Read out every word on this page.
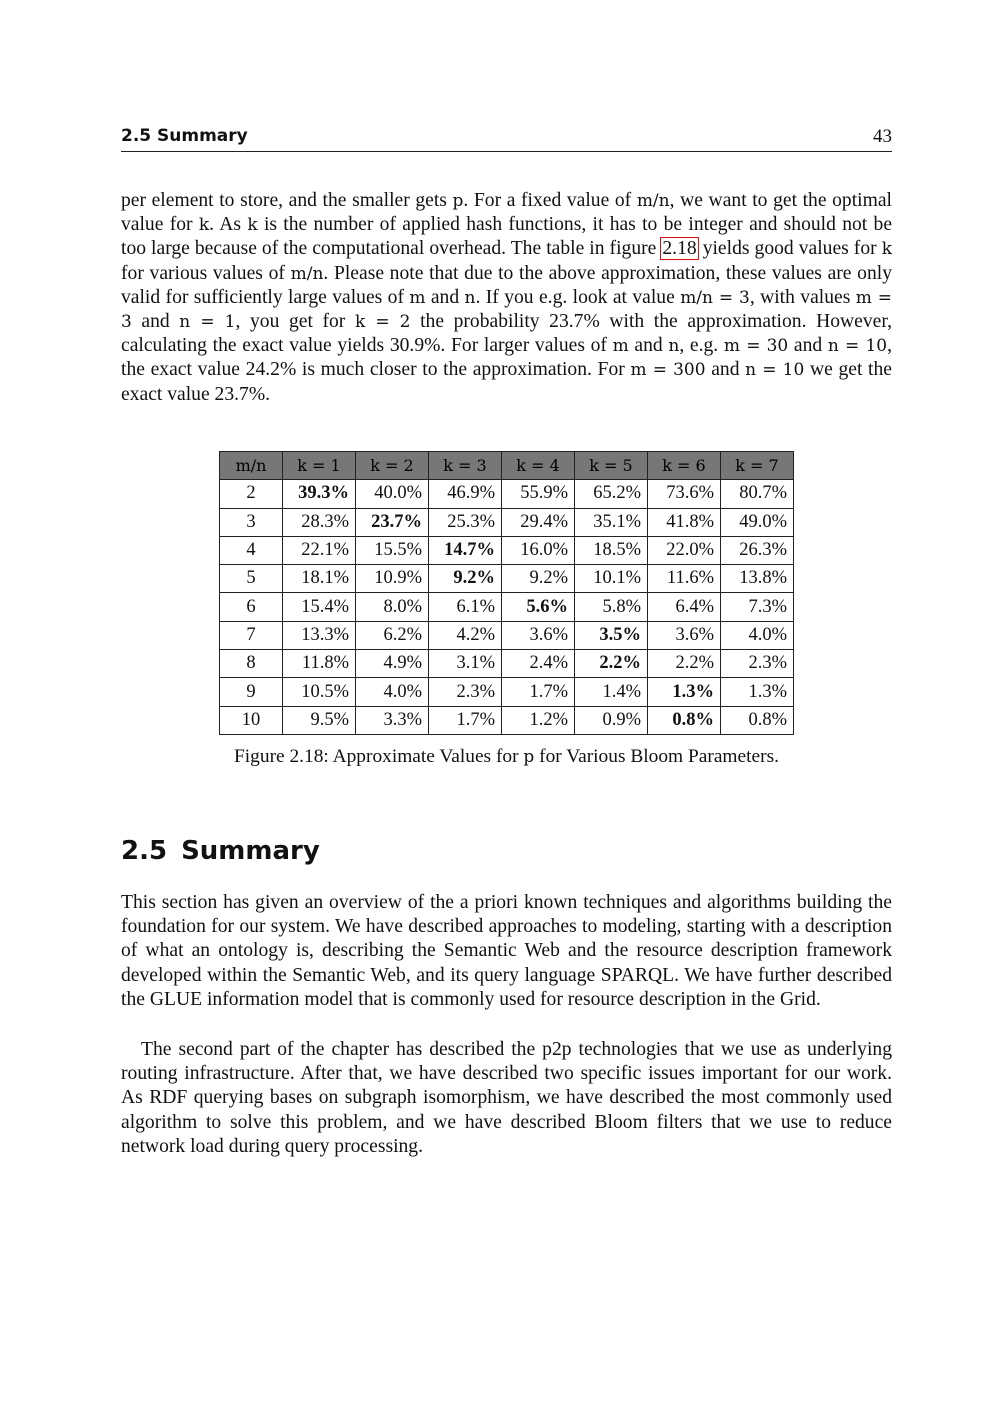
2.5 Summary	43

per element to store, and the smaller gets p. For a fixed value of m/n, we want to get the optimal value for k. As k is the number of applied hash functions, it has to be integer and should not be too large because of the computational overhead. The table in figure 2.18 yields good values for k for various values of m/n. Please note that due to the above approximation, these values are only valid for sufficiently large values of m and n. If you e.g. look at value m/n = 3, with values m = 3 and n = 1, you get for k = 2 the probability 23.7% with the approximation. However, calculating the exact value yields 30.9%. For larger values of m and n, e.g. m = 30 and n = 10, the exact value 24.2% is much closer to the approximation. For m = 300 and n = 10 we get the exact value 23.7%.

m/n	k = 1	k = 2	k = 3	k = 4	k = 5	k = 6	k = 7
2	39.3%	40.0%	46.9%	55.9%	65.2%	73.6%	80.7%
3	28.3%	23.7%	25.3%	29.4%	35.1%	41.8%	49.0%
4	22.1%	15.5%	14.7%	16.0%	18.5%	22.0%	26.3%
5	18.1%	10.9%	9.2%	9.2%	10.1%	11.6%	13.8%
6	15.4%	8.0%	6.1%	5.6%	5.8%	6.4%	7.3%
7	13.3%	6.2%	4.2%	3.6%	3.5%	3.6%	4.0%
8	11.8%	4.9%	3.1%	2.4%	2.2%	2.2%	2.3%
9	10.5%	4.0%	2.3%	1.7%	1.4%	1.3%	1.3%
10	9.5%	3.3%	1.7%	1.2%	0.9%	0.8%	0.8%
Figure 2.18: Approximate Values for p for Various Bloom Parameters.
2.5 Summary

This section has given an overview of the a priori known techniques and algorithms building the foundation for our system. We have described approaches to modeling, starting with a description of what an ontology is, describing the Semantic Web and the resource description framework developed within the Semantic Web, and its query language SPARQL. We have further described the GLUE information model that is commonly used for resource description in the Grid.

The second part of the chapter has described the p2p technologies that we use as underlying routing infrastructure. After that, we have described two specific issues important for our work. As RDF querying bases on subgraph isomorphism, we have described the most commonly used algorithm to solve this problem, and we have described Bloom filters that we use to reduce network load during query processing.
